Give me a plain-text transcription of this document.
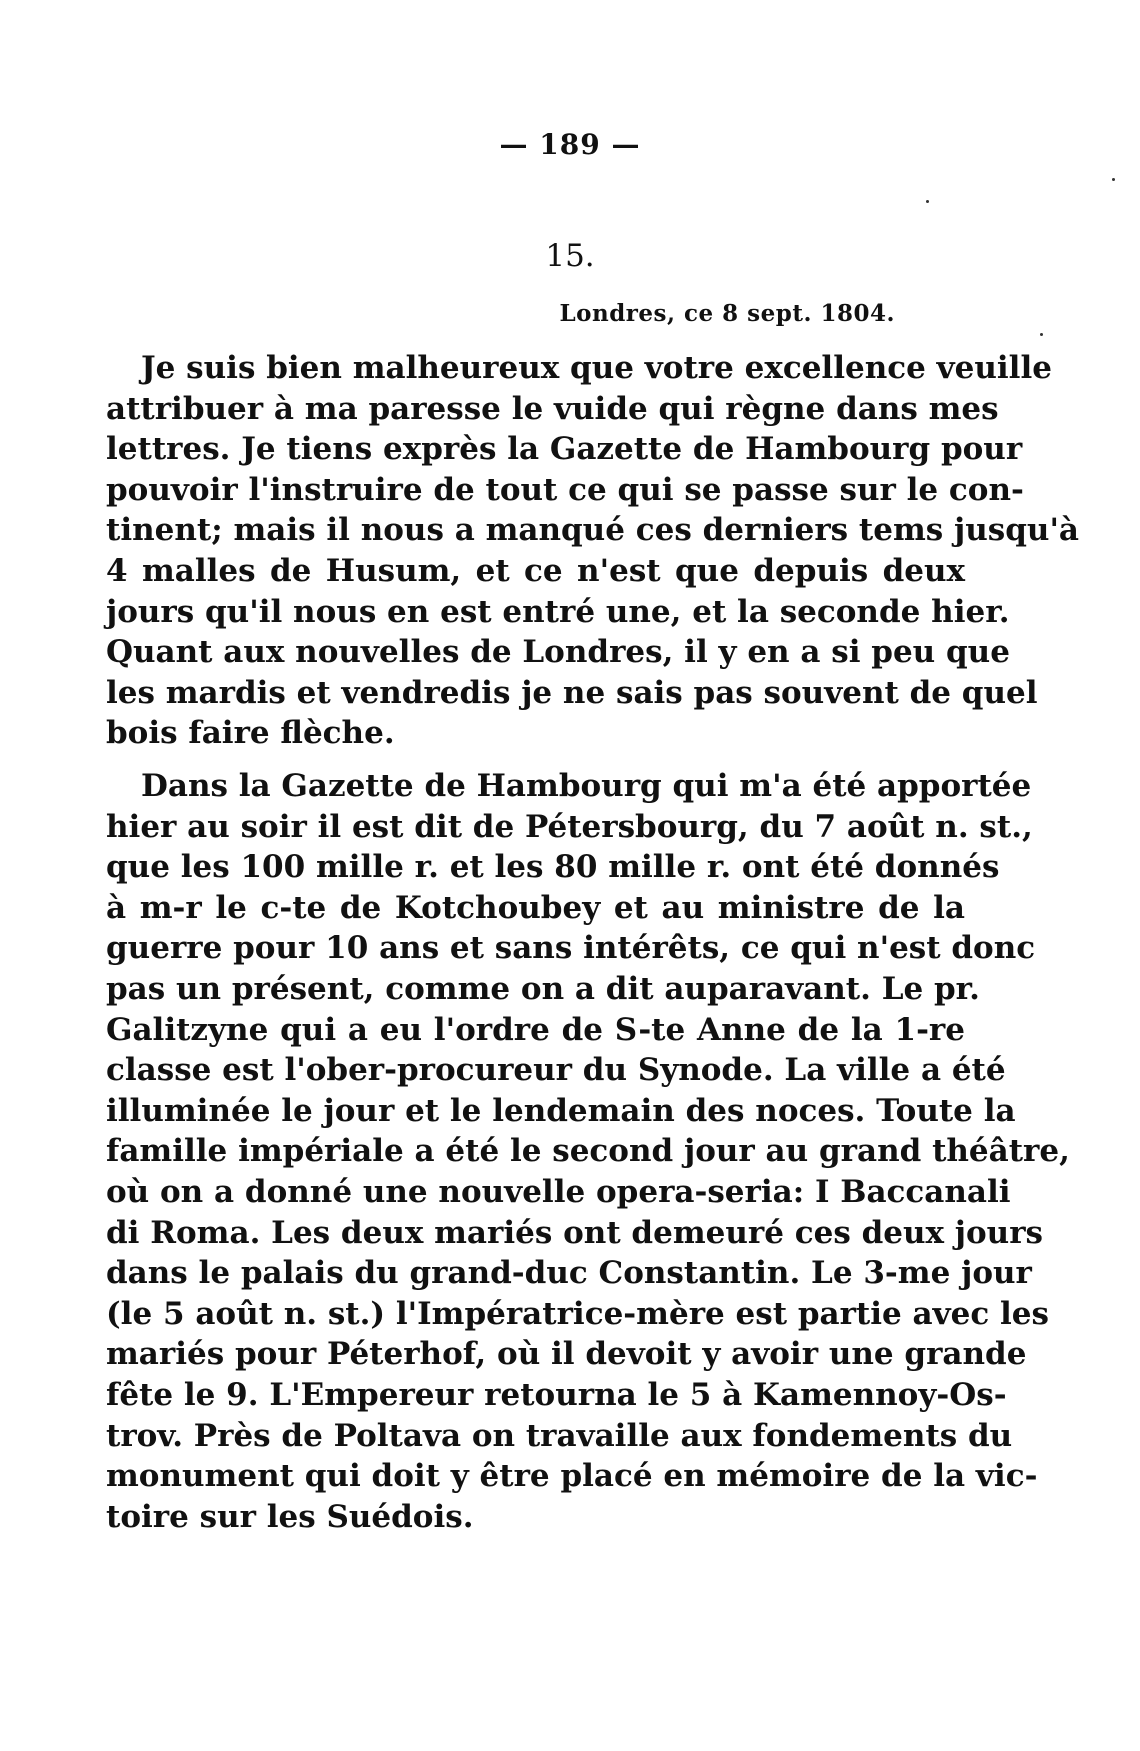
— 189 —
15.
Londres, ce 8 sept. 1804.
Je suis bien malheureux que votre excellence veuille
attribuer à ma paresse le vuide qui règne dans mes
lettres. Je tiens exprès la Gazette de Hambourg pour
pouvoir l'instruire de tout ce qui se passe sur le con-
tinent; mais il nous a manqué ces derniers tems jusqu'à
4 malles de Husum, et ce n'est que depuis deux
jours qu'il nous en est entré une, et la seconde hier.
Quant aux nouvelles de Londres, il y en a si peu que
les mardis et vendredis je ne sais pas souvent de quel
bois faire flèche.
Dans la Gazette de Hambourg qui m'a été apportée
hier au soir il est dit de Pétersbourg, du 7 août n. st.,
que les 100 mille r. et les 80 mille r. ont été donnés
à m-r le c-te de Kotchoubey et au ministre de la
guerre pour 10 ans et sans intérêts, ce qui n'est donc
pas un présent, comme on a dit auparavant. Le pr.
Galitzyne qui a eu l'ordre de S-te Anne de la 1-re
classe est l'ober-procureur du Synode. La ville a été
illuminée le jour et le lendemain des noces. Toute la
famille impériale a été le second jour au grand théâtre,
où on a donné une nouvelle opera-seria: I Baccanali
di Roma. Les deux mariés ont demeuré ces deux jours
dans le palais du grand-duc Constantin. Le 3-me jour
(le 5 août n. st.) l'Impératrice-mère est partie avec les
mariés pour Péterhof, où il devoit y avoir une grande
fête le 9. L'Empereur retourna le 5 à Kamennoy-Os-
trov. Près de Poltava on travaille aux fondements du
monument qui doit y être placé en mémoire de la vic-
toire sur les Suédois.
